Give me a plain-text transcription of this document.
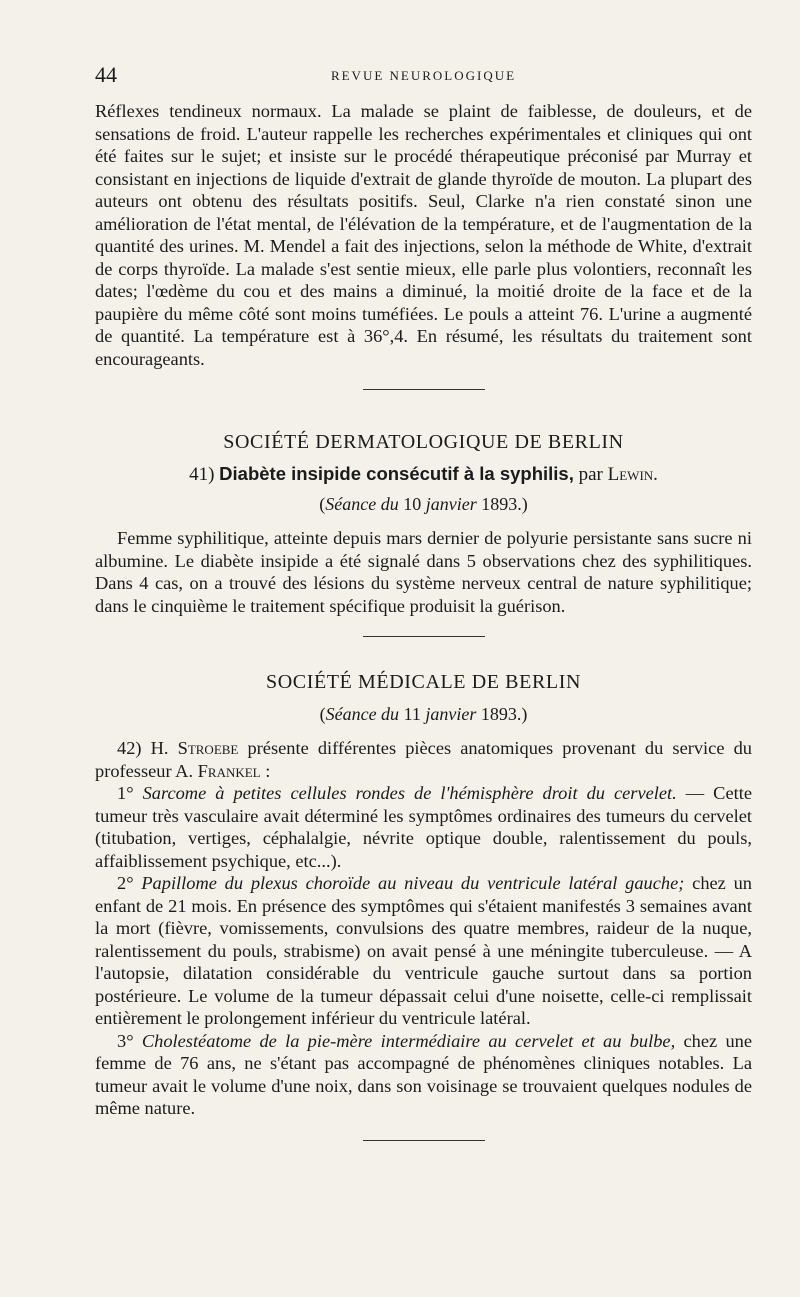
44	REVUE NEUROLOGIQUE

Réflexes tendineux normaux. La malade se plaint de faiblesse, de douleurs, et de sensations de froid. L'auteur rappelle les recherches expérimentales et cliniques qui ont été faites sur le sujet; et insiste sur le procédé thérapeutique préconisé par Murray et consistant en injections de liquide d'extrait de glande thyroïde de mouton. La plupart des auteurs ont obtenu des résultats positifs. Seul, Clarke n'a rien constaté sinon une amélioration de l'état mental, de l'élévation de la température, et de l'augmentation de la quantité des urines. M. Mendel a fait des injections, selon la méthode de White, d'extrait de corps thyroïde. La malade s'est sentie mieux, elle parle plus volontiers, reconnaît les dates; l'œdème du cou et des mains a diminué, la moitié droite de la face et de la paupière du même côté sont moins tuméfiées. Le pouls a atteint 76. L'urine a augmenté de quantité. La température est à 36°,4. En résumé, les résultats du traitement sont encourageants.

SOCIÉTÉ DERMATOLOGIQUE DE BERLIN
41) Diabète insipide consécutif à la syphilis, par Lewin.
(Séance du 10 janvier 1893.)

Femme syphilitique, atteinte depuis mars dernier de polyurie persistante sans sucre ni albumine. Le diabète insipide a été signalé dans 5 observations chez des syphilitiques. Dans 4 cas, on a trouvé des lésions du système nerveux central de nature syphilitique; dans le cinquième le traitement spécifique produisit la guérison.

SOCIÉTÉ MÉDICALE DE BERLIN
(Séance du 11 janvier 1893.)

42) H. Stroebe présente différentes pièces anatomiques provenant du service du professeur A. Frankel :

1° Sarcome à petites cellules rondes de l'hémisphère droit du cervelet. — Cette tumeur très vasculaire avait déterminé les symptômes ordinaires des tumeurs du cervelet (titubation, vertiges, céphalalgie, névrite optique double, ralentissement du pouls, affaiblissement psychique, etc...).

2° Papillome du plexus choroïde au niveau du ventricule latéral gauche; chez un enfant de 21 mois. En présence des symptômes qui s'étaient manifestés 3 semaines avant la mort (fièvre, vomissements, convulsions des quatre membres, raideur de la nuque, ralentissement du pouls, strabisme) on avait pensé à une méningite tuberculeuse. — A l'autopsie, dilatation considérable du ventricule gauche surtout dans sa portion postérieure. Le volume de la tumeur dépassait celui d'une noisette, celle-ci remplissait entièrement le prolongement inférieur du ventricule latéral.

3° Cholestéatome de la pie-mère intermédiaire au cervelet et au bulbe, chez une femme de 76 ans, ne s'étant pas accompagné de phénomènes cliniques notables. La tumeur avait le volume d'une noix, dans son voisinage se trouvaient quelques nodules de même nature.
